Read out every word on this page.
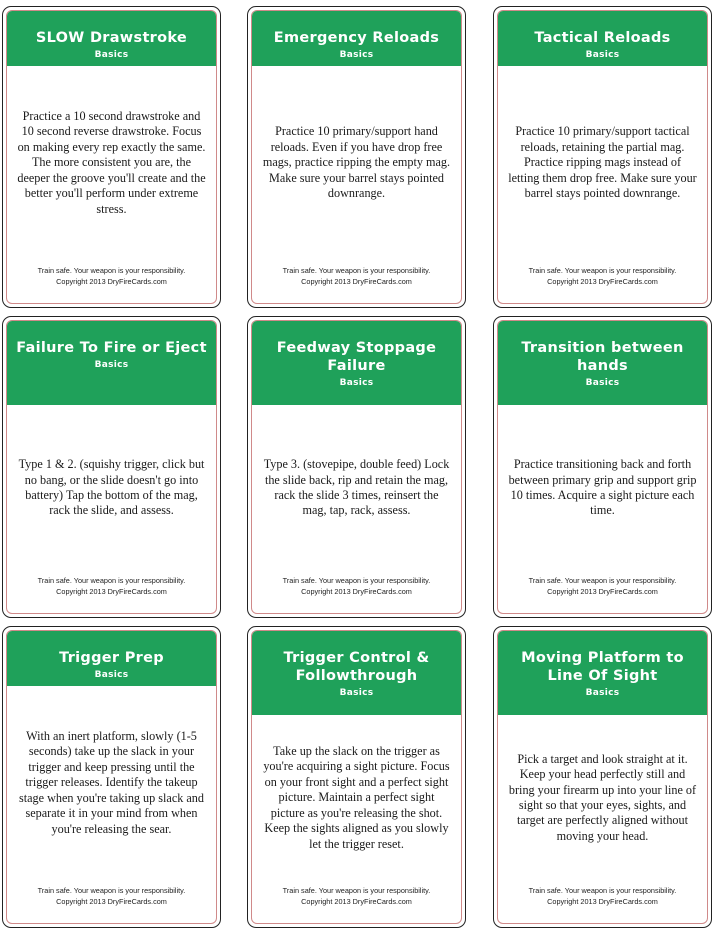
SLOW Drawstroke
Basics
Practice a 10 second drawstroke and 10 second reverse drawstroke. Focus on making every rep exactly the same. The more consistent you are, the deeper the groove you'll create and the better you'll perform under extreme stress.
Train safe. Your weapon is your responsibility.
Copyright 2013 DryFireCards.com
Emergency Reloads
Basics
Practice 10 primary/support hand reloads. Even if you have drop free mags, practice ripping the empty mag. Make sure your barrel stays pointed downrange.
Train safe. Your weapon is your responsibility.
Copyright 2013 DryFireCards.com
Tactical Reloads
Basics
Practice 10 primary/support tactical reloads, retaining the partial mag. Practice ripping mags instead of letting them drop free. Make sure your barrel stays pointed downrange.
Train safe. Your weapon is your responsibility.
Copyright 2013 DryFireCards.com
Failure To Fire or Eject
Basics
Type 1 & 2. (squishy trigger, click but no bang, or the slide doesn't go into battery) Tap the bottom of the mag, rack the slide, and assess.
Train safe. Your weapon is your responsibility.
Copyright 2013 DryFireCards.com
Feedway Stoppage Failure
Basics
Type 3. (stovepipe, double feed) Lock the slide back, rip and retain the mag, rack the slide 3 times, reinsert the mag, tap, rack, assess.
Train safe. Your weapon is your responsibility.
Copyright 2013 DryFireCards.com
Transition between hands
Basics
Practice transitioning back and forth between primary grip and support grip 10 times. Acquire a sight picture each time.
Train safe. Your weapon is your responsibility.
Copyright 2013 DryFireCards.com
Trigger Prep
Basics
With an inert platform, slowly (1-5 seconds) take up the slack in your trigger and keep pressing until the trigger releases. Identify the takeup stage when you're taking up slack and separate it in your mind from when you're releasing the sear.
Train safe. Your weapon is your responsibility.
Copyright 2013 DryFireCards.com
Trigger Control & Followthrough
Basics
Take up the slack on the trigger as you're acquiring a sight picture. Focus on your front sight and a perfect sight picture. Maintain a perfect sight picture as you're releasing the shot. Keep the sights aligned as you slowly let the trigger reset.
Train safe. Your weapon is your responsibility.
Copyright 2013 DryFireCards.com
Moving Platform to Line Of Sight
Basics
Pick a target and look straight at it. Keep your head perfectly still and bring your firearm up into your line of sight so that your eyes, sights, and target are perfectly aligned without moving your head.
Train safe. Your weapon is your responsibility.
Copyright 2013 DryFireCards.com
